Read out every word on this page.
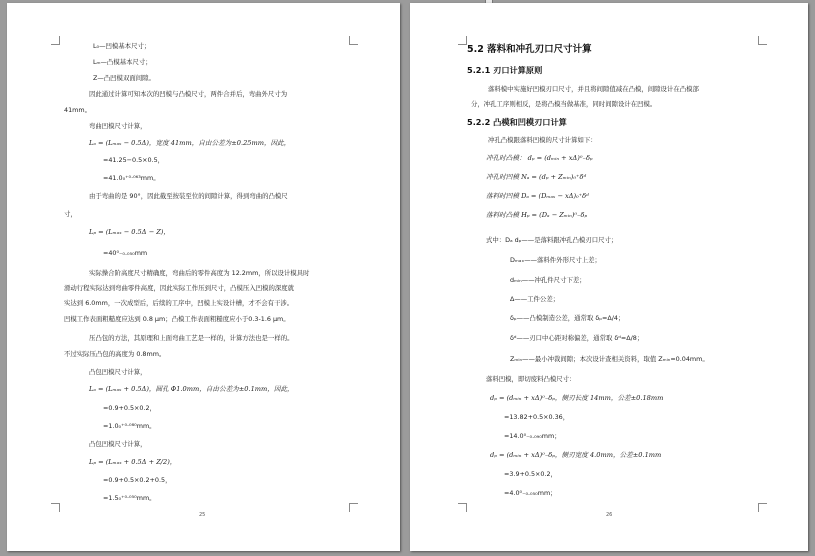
L₀—凹模基本尺寸；
Lₘ—凸模基本尺寸；
Z—凸凹模双面间隙。
因此通过计算可知本次的凹模与凸模尺寸，两件合并后，弯曲外尺寸为
41mm。
弯曲凹模尺寸计算，
Lₐ = (Lₘₐₓ − 0.5Δ)，宽度 41mm，自由公差为±0.25mm，因此，
=41.25−0.5×0.5，
=41.0₀⁺⁰·⁰⁶³mm。
由于弯曲的是 90°，因此截至按装至位的间隙计算，得到弯曲的凸模尺
寸，
Lₚ = (Lₘₐₓ − 0.5Δ − Z)，
=40⁰₋₀.₀₅₀mm
实际操合阶高度尺寸精确度，弯曲后的零件高度为 12.2mm，所以设计模具时
滑动行程实际达到弯曲零件高度，因此实际工作压到尺寸，凸模压入凹模的深度就
实达到 6.0mm，一次成型后，后续的工序中，凹模上实设计槽，才不会有干涉。
凹模工作表面粗糙度应达到 0.8 μm；凸模工作表面粗糙度应小于0.3-1.6 μm。
压凸包的方法，其原理和上面弯曲工艺是一样的，计算方法也是一样的。
不过实际压凸包的高度为 0.8mm。
凸包凹模尺寸计算，
Lₐ = (Lₘₐₓ + 0.5Δ)，圆孔 Φ1.0mm，自由公差为±0.1mm，因此，
=0.9+0.5×0.2，
=1.0₀⁺⁰·⁰⁸⁰mm。
凸包凹模尺寸计算，
Lₚ = (Lₘₐₓ + 0.5Δ + Z/2)，
=0.9+0.5×0.2+0.5，
=1.5₀⁺⁰·⁰⁵⁰mm。
25
5.2 落料和冲孔刃口尺寸计算
5.2.1 刃口计算原则
落料模中实施好凹模刃口尺寸，并且将间隙值减在凸模，间隙设计在凸模部
分，冲孔工序则相反，是将凸模当做基准，同时间隙设计在凹模。
5.2.2 凸模和凹模刃口计算
冲孔凸模跟落料凹模的尺寸计算如下：
冲孔时凸模： dₚ = (dₘᵢₙ + xΔ)⁰₋δₚ
冲孔时凹模 Nₐ = (dₚ + Zₘᵢₙ)₀⁺δᵈ
落料时凹模 Dₐ = (Dₘₐₓ − xΔ)₀⁺δᵈ
落料时凸模 Hₚ = (Dₐ − Zₘᵢₙ)⁰₋δₚ
式中：Dₐ dₚ——是落料跟冲孔凸模刃口尺寸；
Dₘₐₓ——落料件外形尺寸上差；
dₘᵢₙ——冲孔件尺寸下差；
Δ——工件公差；
δₚ——凸模制造公差，通常取 δₚ=Δ/4；
δᵈ——刃口中心距对称偏差，通常取 δᵈ=Δ/8；
Zₘᵢₙ——最小冲裁间隙；本次设计查相关资料，取值 Zₘᵢₙ=0.04mm。
落料凹模，即切废料凸模尺寸：
dₚ = (dₘᵢₙ + xΔ)⁰₋δₚ，侧刃长度 14mm，公差±0.18mm
=13.82+0.5×0.36，
=14.0⁰₋₀.₀₉₀mm；
dₚ = (dₘᵢₙ + xΔ)⁰₋δₚ，侧刃宽度 4.0mm，公差±0.1mm
=3.9+0.5×0.2，
=4.0⁰₋₀.₀₅₀mm；
26
